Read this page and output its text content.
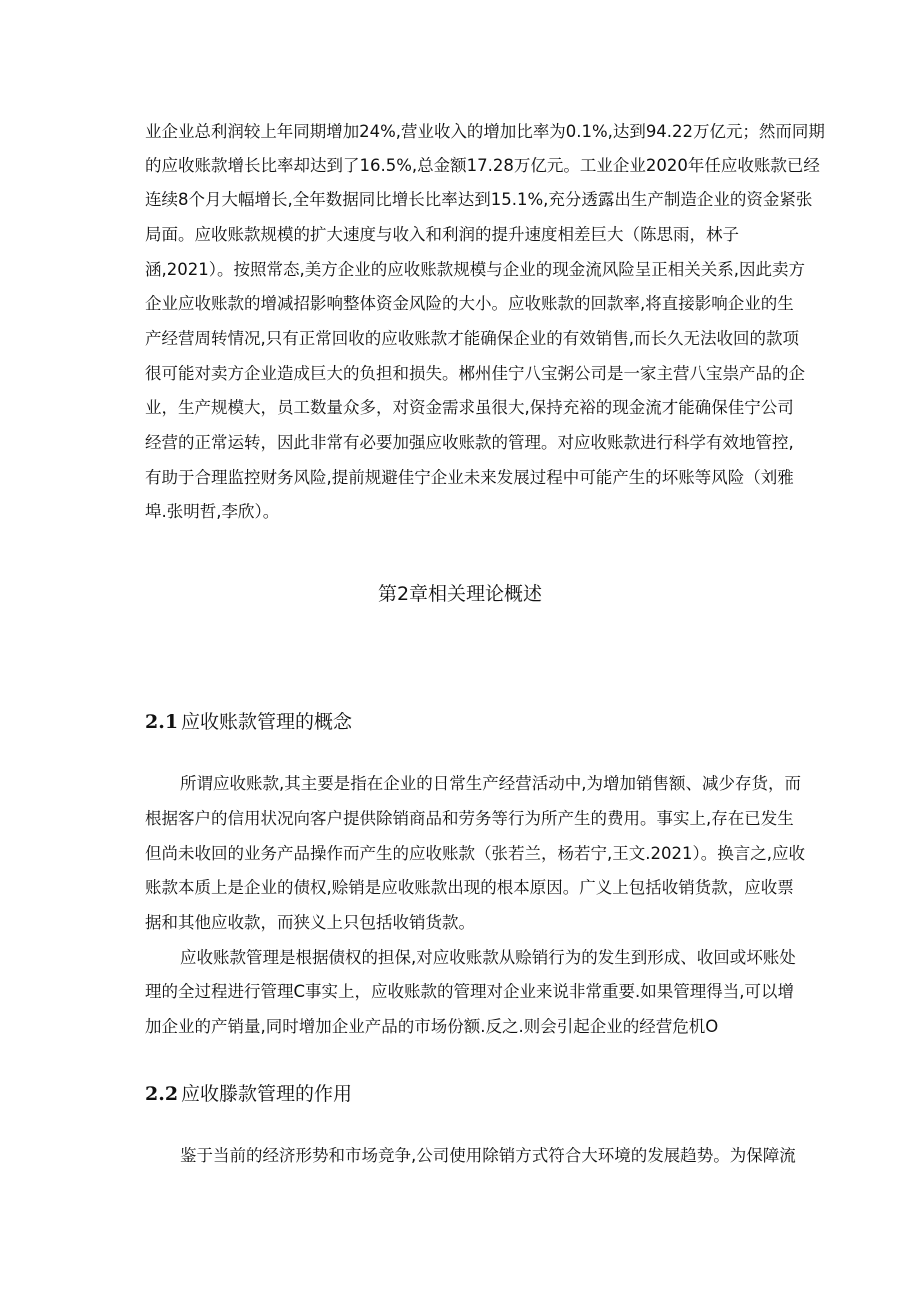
业企业总利润较上年同期增加24%,营业收入的增加比率为0.1%,达到94.22万亿元；然而同期
的应收账款增长比率却达到了16.5%,总金额17.28万亿元。工业企业2020年任应收账款已经
连续8个月大幅增长,全年数据同比增长比率达到15.1%,充分透露出生产制造企业的资金紧张
局面。应收账款规模的扩大速度与收入和利润的提升速度相差巨大（陈思雨，林子
涵,2021）。按照常态,美方企业的应收账款规模与企业的现金流风险呈正相关关系,因此卖方
企业应收账款的增减招影响整体资金风险的大小。应收账款的回款率,将直接影响企业的生
产经营周转情况,只有正常回收的应收账款才能确保企业的有效销售,而长久无法收回的款项
很可能对卖方企业造成巨大的负担和损失。郴州佳宁八宝粥公司是一家主营八宝祟产品的企
业，生产规模大，员工数量众多，对资金需求虽很大,保持充裕的现金流才能确保佳宁公司
经营的正常运转，因此非常有必要加强应收账款的管理。对应收账款进行科学有效地管控,
有助于合理监控财务风险,提前规避佳宁企业未来发展过程中可能产生的坏账等风险（刘雅
埠.张明哲,李欣）。
第2章相关理论概述
2.1 应收账款管理的概念
所谓应收账款,其主要是指在企业的日常生产经营活动中,为增加销售额、减少存货，而
根据客户的信用状况向客户提供除销商品和劳务等行为所产生的费用。事实上,存在已发生
但尚未收回的业务产品操作而产生的应收账款（张若兰，杨若宁,王文.2021）。换言之,应收
账款本质上是企业的债权,赊销是应收账款出现的根本原因。广义上包括收销货款，应收票
据和其他应收款，而狭义上只包括收销货款。
应收账款管理是根据债权的担保,对应收账款从赊销行为的发生到形成、收回或坏账处
理的全过程进行管理C事实上，应收账款的管理对企业来说非常重要.如果管理得当,可以增
加企业的产销量,同时增加企业产品的市场份额.反之.则会引起企业的经营危机O
2.2 应收滕款管理的作用
鉴于当前的经济形势和市场竞争,公司使用除销方式符合大环境的发展趋势。为保障流
